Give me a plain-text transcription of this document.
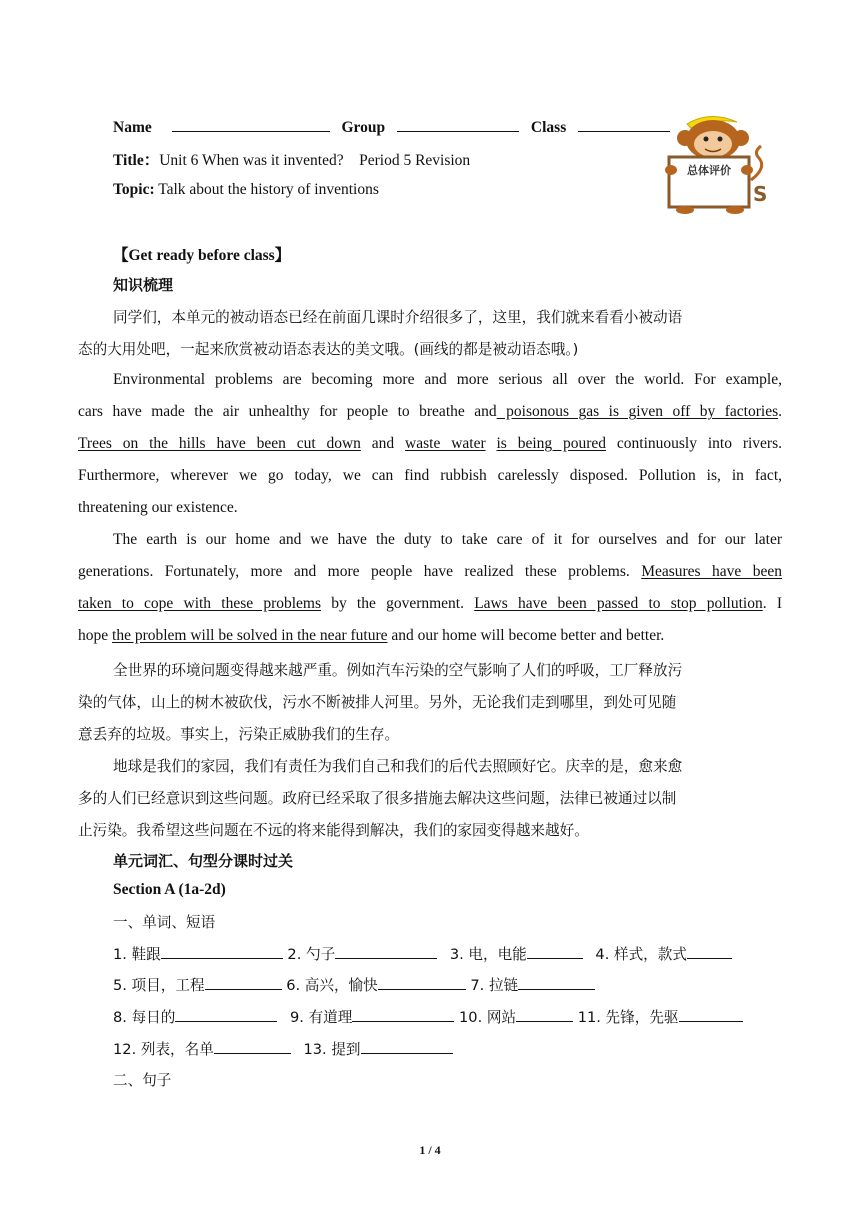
Name	Group	Class
Title：Unit 6 When was it invented?    Period 5 Revision
Topic: Talk about the history of inventions
总体评价
S
【Get ready before class】
知识梳理
同学们，本单元的被动语态已经在前面几课时介绍很多了，这里，我们就来看看小被动语
态的大用处吧，一起来欣赏被动语态表达的美文哦。(画线的都是被动语态哦。)
Environmental problems are becoming more and more serious all over the world. For example,
cars have made the air unhealthy for people to breathe and poisonous gas is given off by factories.
Trees on the hills have been cut down and waste water is being poured continuously into rivers.
Furthermore, wherever we go today, we can find rubbish carelessly disposed. Pollution is, in fact,
threatening our existence.
The earth is our home and we have the duty to take care of it for ourselves and for our later
generations. Fortunately, more and more people have realized these problems. Measures have been
taken to cope with these problems by the government. Laws have been passed to stop pollution. I
hope the problem will be solved in the near future and our home will become better and better.
全世界的环境问题变得越来越严重。例如汽车污染的空气影响了人们的呼吸，工厂释放污
染的气体，山上的树木被砍伐，污水不断被排人河里。另外，无论我们走到哪里，到处可见随
意丢弃的垃圾。事实上，污染正威胁我们的生存。
地球是我们的家园，我们有责任为我们自己和我们的后代去照顾好它。庆幸的是，愈来愈
多的人们已经意识到这些问题。政府已经采取了很多措施去解决这些问题，法律已被通过以制
止污染。我希望这些问题在不远的将来能得到解决，我们的家园变得越来越好。
单元词汇、句型分课时过关
Section A (1a-2d)
一、单词、短语
1. 鞋跟	2. 勺子	3. 电，电能	4. 样式，款式
5. 项目，工程	6. 高兴，愉快	7. 拉链
8. 每日的	9. 有道理	10. 网站	11. 先锋，先驱
12. 列表，名单	13. 提到
二、句子
1 / 4
